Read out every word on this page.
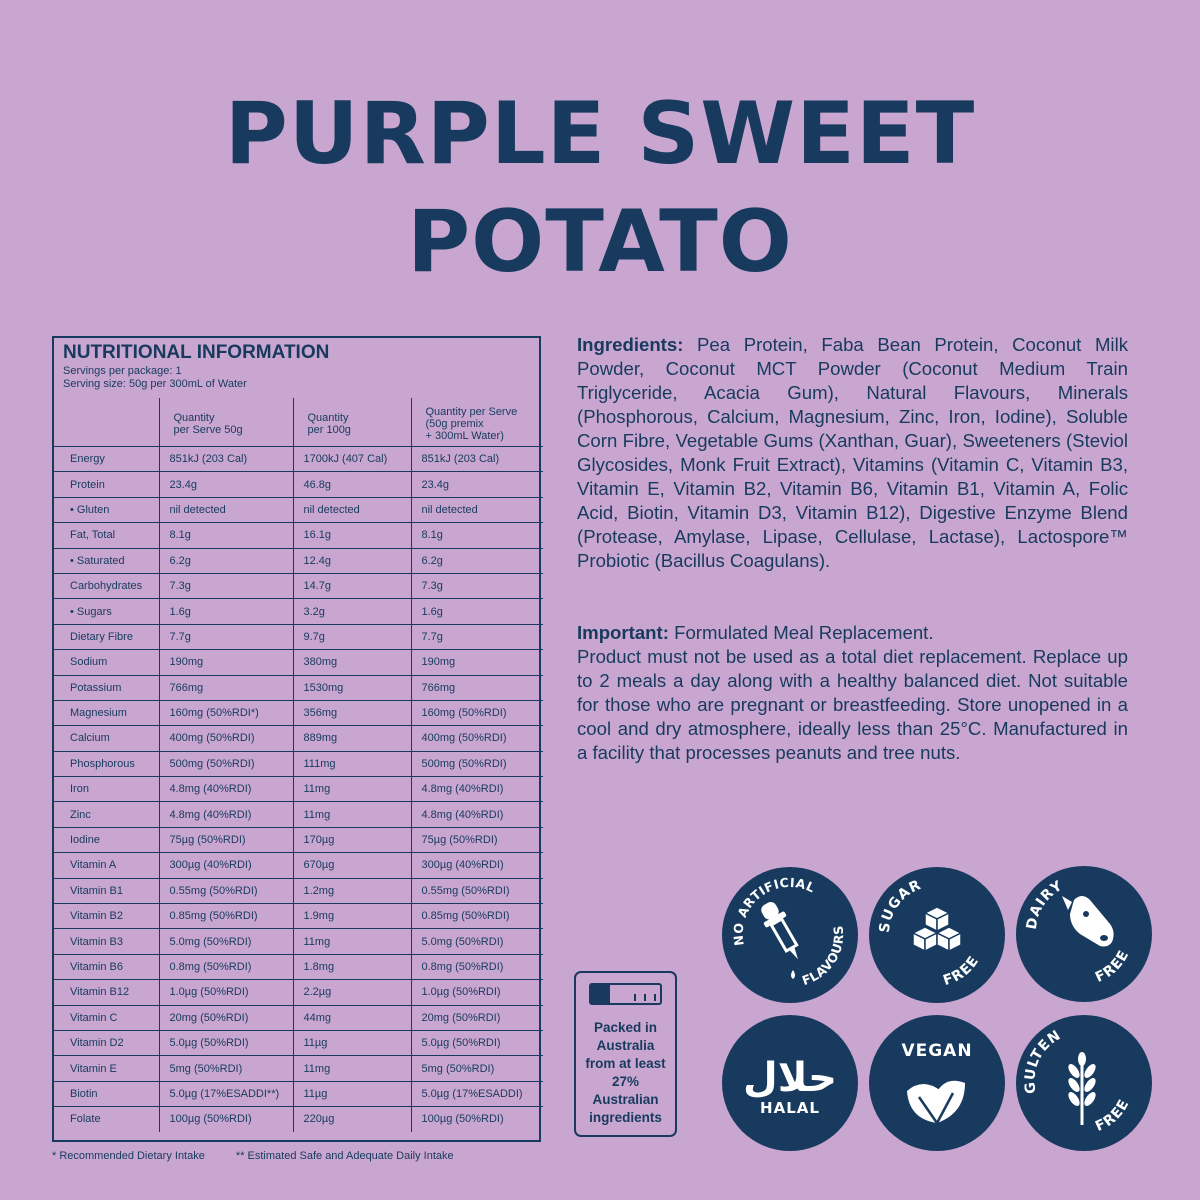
PURPLE SWEET
POTATO
NUTRITIONAL INFORMATION
Servings per package: 1
Serving size: 50g per 300mL of Water
	Quantity
per Serve 50g	Quantity
per 100g	Quantity per Serve
(50g premix
+ 300mL Water)
Energy	851kJ (203 Cal)	1700kJ (407 Cal)	851kJ (203 Cal)
Protein	23.4g	46.8g	23.4g
• Gluten	nil detected	nil detected	nil detected
Fat, Total	8.1g	16.1g	8.1g
• Saturated	6.2g	12.4g	6.2g
Carbohydrates	7.3g	14.7g	7.3g
• Sugars	1.6g	3.2g	1.6g
Dietary Fibre	7.7g	9.7g	7.7g
Sodium	190mg	380mg	190mg
Potassium	766mg	1530mg	766mg
Magnesium	160mg (50%RDI*)	356mg	160mg (50%RDI)
Calcium	400mg (50%RDI)	889mg	400mg (50%RDI)
Phosphorous	500mg (50%RDI)	111mg	500mg (50%RDI)
Iron	4.8mg (40%RDI)	11mg	4.8mg (40%RDI)
Zinc	4.8mg (40%RDI)	11mg	4.8mg (40%RDI)
Iodine	75µg (50%RDI)	170µg	75µg (50%RDI)
Vitamin A	300µg (40%RDI)	670µg	300µg (40%RDI)
Vitamin B1	0.55mg (50%RDI)	1.2mg	0.55mg (50%RDI)
Vitamin B2	0.85mg (50%RDI)	1.9mg	0.85mg (50%RDI)
Vitamin B3	5.0mg (50%RDI)	11mg	5.0mg (50%RDI)
Vitamin B6	0.8mg (50%RDI)	1.8mg	0.8mg (50%RDI)
Vitamin B12	1.0µg (50%RDI)	2.2µg	1.0µg (50%RDI)
Vitamin C	20mg (50%RDI)	44mg	20mg (50%RDI)
Vitamin D2	5.0µg (50%RDI)	11µg	5.0µg (50%RDI)
Vitamin E	5mg (50%RDI)	11mg	5mg (50%RDI)
Biotin	5.0µg (17%ESADDI**)	11µg	5.0µg (17%ESADDI)
Folate	100µg (50%RDI)	220µg	100µg (50%RDI)
* Recommended Dietary Intake	** Estimated Safe and Adequate Daily Intake
Ingredients: Pea Protein, Faba Bean Protein, Coconut Milk Powder, Coconut MCT Powder (Coconut Medium Train Triglyceride, Acacia Gum), Natural Flavours, Minerals (Phosphorous, Calcium, Magnesium, Zinc, Iron, Iodine), Soluble Corn Fibre, Vegetable Gums (Xanthan, Guar), Sweeteners (Steviol Glycosides, Monk Fruit Extract), Vitamins (Vitamin C, Vitamin B3, Vitamin E, Vitamin B2, Vitamin B6, Vitamin B1, Vitamin A, Folic Acid, Biotin, Vitamin D3, Vitamin B12), Digestive Enzyme Blend (Protease, Amylase, Lipase, Cellulase, Lactase), Lactospore™ Probiotic (Bacillus Coagulans).
Important: Formulated Meal Replacement.
Product must not be used as a total diet replacement. Replace up to 2 meals a day along with a healthy balanced diet. Not suitable for those who are pregnant or breastfeeding. Store unopened in a cool and dry atmosphere, ideally less than 25°C. Manufactured in a facility that processes peanuts and tree nuts.
Packed in Australia from at least 27% Australian ingredients
NO ARTIFICIAL
FLAVOURS SUGAR
FREE
DAIRY
FREE
حلال
HALAL
VEGAN
GULTEN
FREE
